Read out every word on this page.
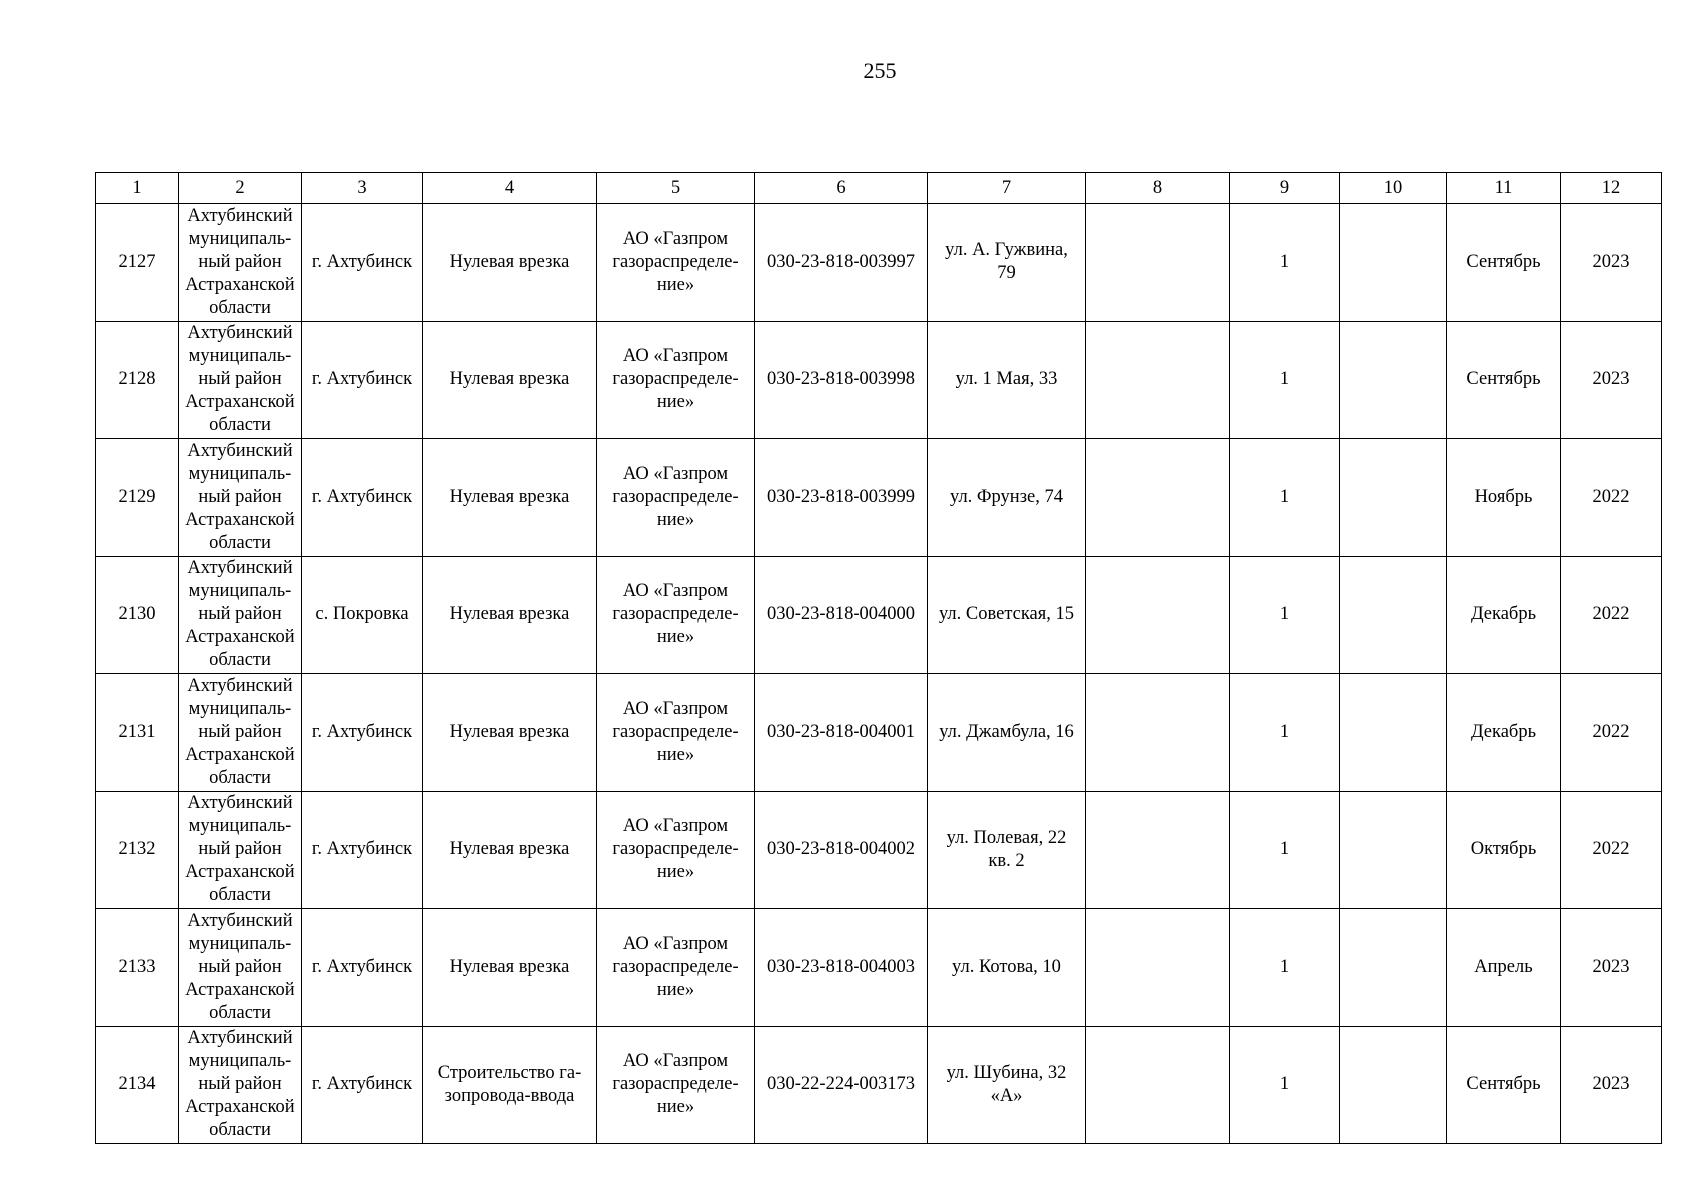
255
1	2	3	4	5	6	7	8	9	10	11	12
2127	Ахтубинский
муниципаль-
ный район
Астраханской
области	г. Ахтубинск	Нулевая врезка	АО «Газпром
газораспределе-
ние»	030-23-818-003997	ул. А. Гужвина,
79		1		Сентябрь	2023
2128	Ахтубинский
муниципаль-
ный район
Астраханской
области	г. Ахтубинск	Нулевая врезка	АО «Газпром
газораспределе-
ние»	030-23-818-003998	ул. 1 Мая, 33		1		Сентябрь	2023
2129	Ахтубинский
муниципаль-
ный район
Астраханской
области	г. Ахтубинск	Нулевая врезка	АО «Газпром
газораспределе-
ние»	030-23-818-003999	ул. Фрунзе, 74		1		Ноябрь	2022
2130	Ахтубинский
муниципаль-
ный район
Астраханской
области	с. Покровка	Нулевая врезка	АО «Газпром
газораспределе-
ние»	030-23-818-004000	ул. Советская, 15		1		Декабрь	2022
2131	Ахтубинский
муниципаль-
ный район
Астраханской
области	г. Ахтубинск	Нулевая врезка	АО «Газпром
газораспределе-
ние»	030-23-818-004001	ул. Джамбула, 16		1		Декабрь	2022
2132	Ахтубинский
муниципаль-
ный район
Астраханской
области	г. Ахтубинск	Нулевая врезка	АО «Газпром
газораспределе-
ние»	030-23-818-004002	ул. Полевая, 22
кв. 2		1		Октябрь	2022
2133	Ахтубинский
муниципаль-
ный район
Астраханской
области	г. Ахтубинск	Нулевая врезка	АО «Газпром
газораспределе-
ние»	030-23-818-004003	ул. Котова, 10		1		Апрель	2023
2134	Ахтубинский
муниципаль-
ный район
Астраханской
области	г. Ахтубинск	Строительство га-
зопровода-ввода	АО «Газпром
газораспределе-
ние»	030-22-224-003173	ул. Шубина, 32
«А»		1		Сентябрь	2023
